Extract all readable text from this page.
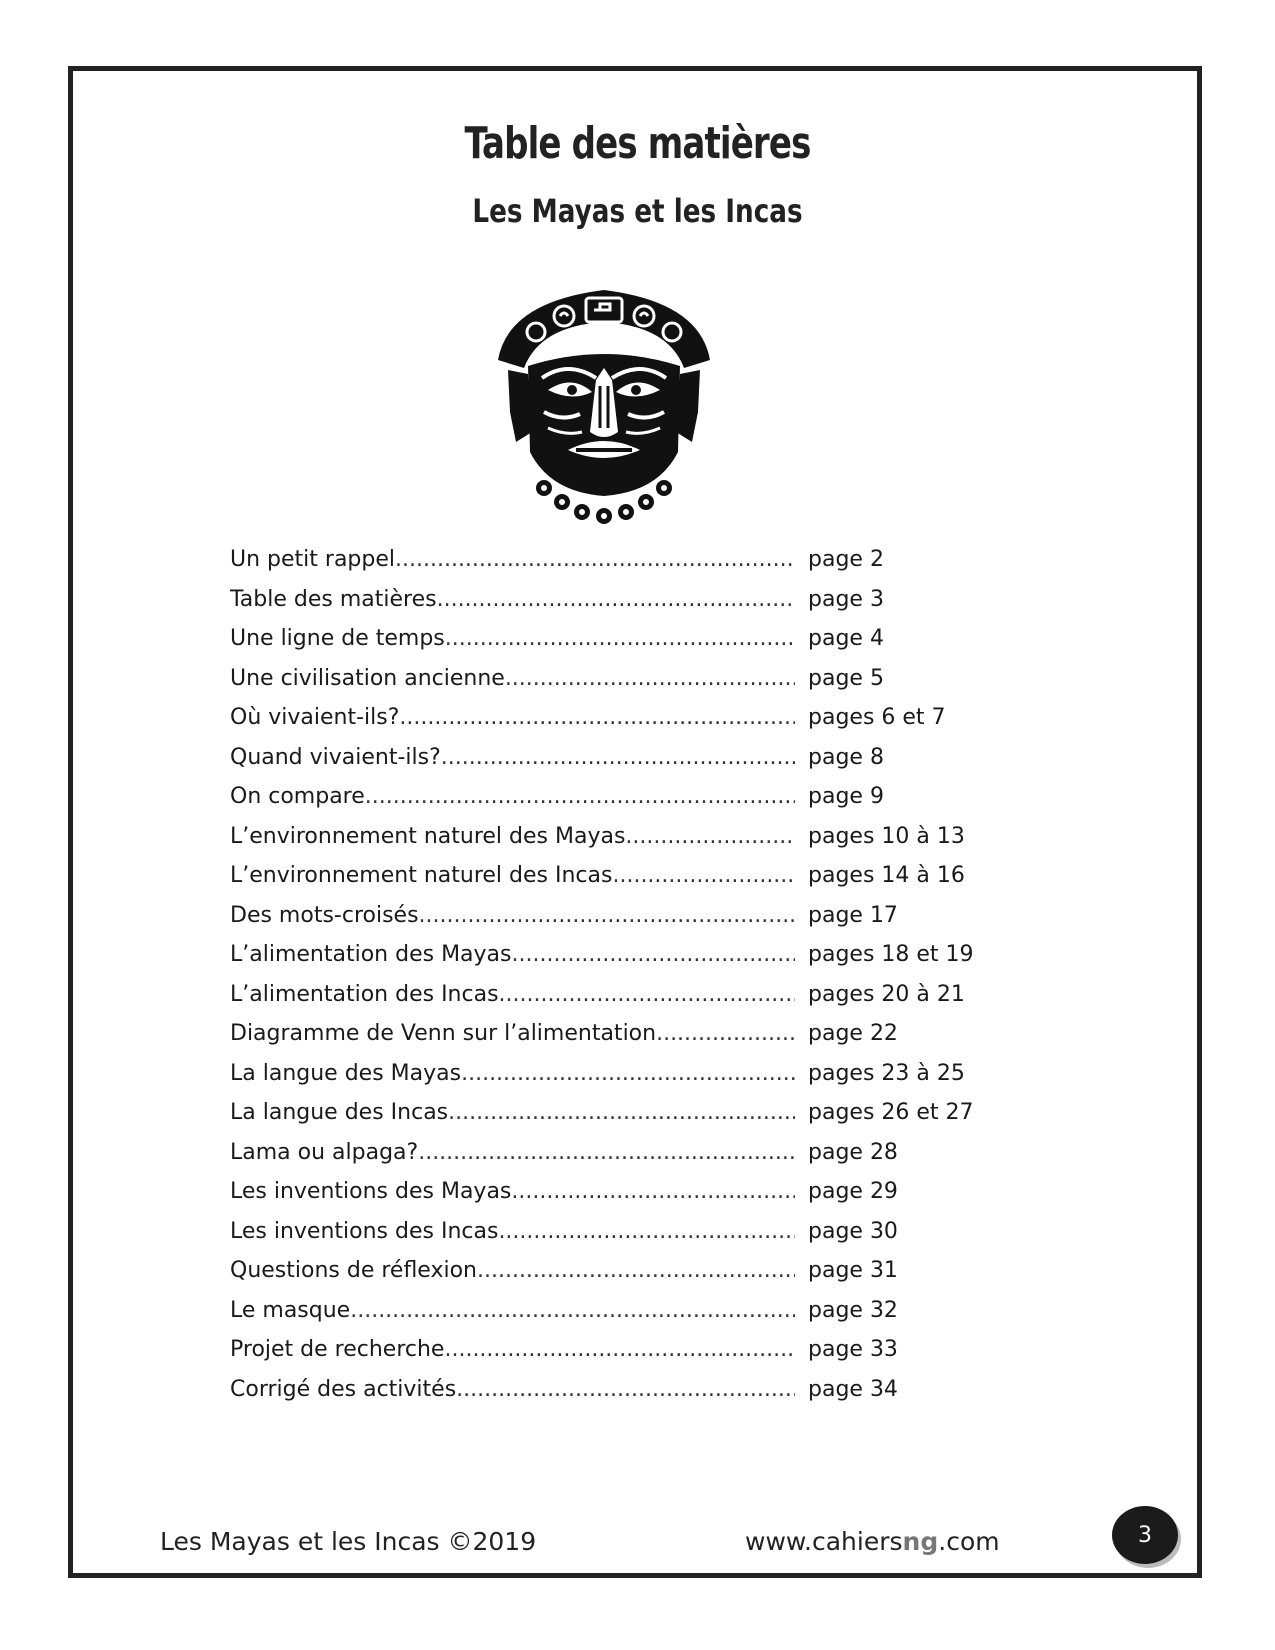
Table des matières
Les Mayas et les Incas
Un petit rappel .....	page 2
Table des matières .....	page 3
Une ligne de temps .....	page 4
Une civilisation ancienne .....	page 5
Où vivaient-ils? .....	pages 6 et 7
Quand vivaient-ils? .....	page 8
On compare .....	page 9
L’environnement naturel des Mayas .....	pages 10 à 13
L’environnement naturel des Incas .....	pages 14 à 16
Des mots-croisés .....	page 17
L’alimentation des Mayas .....	pages 18 et 19
L’alimentation des Incas .....	pages 20 à 21
Diagramme de Venn sur l’alimentation .....	page 22
La langue des Mayas .....	pages 23 à 25
La langue des Incas .....	pages 26 et 27
Lama ou alpaga? .....	page 28
Les inventions des Mayas .....	page 29
Les inventions des Incas .....	page 30
Questions de réflexion .....	page 31
Le masque .....	page 32
Projet de recherche .....	page 33
Corrigé des activités .....	page 34
Les Mayas et les Incas ©2019	www.cahiersng.com	3
